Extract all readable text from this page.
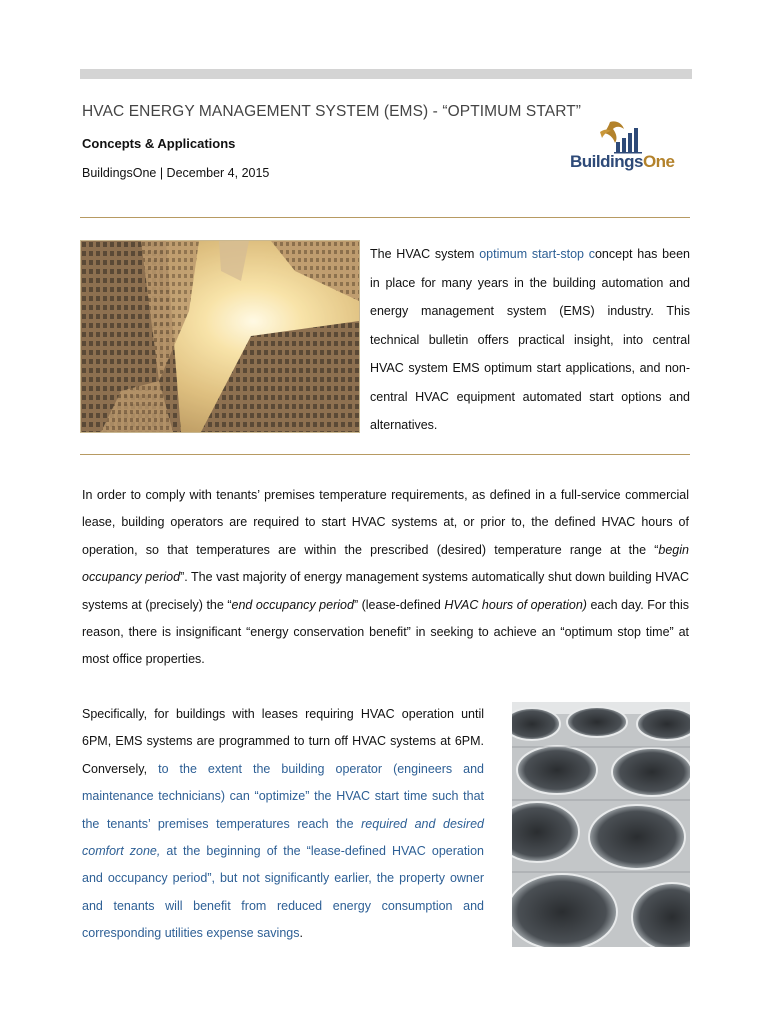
HVAC ENERGY MANAGEMENT SYSTEM (EMS) - “OPTIMUM START”
Concepts & Applications
BuildingsOne | December 4, 2015
BuildingsOne

The HVAC system optimum start-stop concept has been in place for many years in the building automation and energy management system (EMS) industry. This technical bulletin offers practical insight, into central HVAC system EMS optimum start applications, and non-central HVAC equipment automated start options and alternatives.

In order to comply with tenants’ premises temperature requirements, as defined in a full-service commercial lease, building operators are required to start HVAC systems at, or prior to, the defined HVAC hours of operation, so that temperatures are within the prescribed (desired) temperature range at the “begin occupancy period”. The vast majority of energy management systems automatically shut down building HVAC systems at (precisely) the “end occupancy period” (lease-defined HVAC hours of operation) each day. For this reason, there is insignificant “energy conservation benefit” in seeking to achieve an “optimum stop time” at most office properties.

Specifically, for buildings with leases requiring HVAC operation until 6PM, EMS systems are programmed to turn off HVAC systems at 6PM. Conversely, to the extent the building operator (engineers and maintenance technicians) can “optimize” the HVAC start time such that the tenants’ premises temperatures reach the required and desired comfort zone, at the beginning of the “lease-defined HVAC operation and occupancy period”, but not significantly earlier, the property owner and tenants will benefit from reduced energy consumption and corresponding utilities expense savings.
